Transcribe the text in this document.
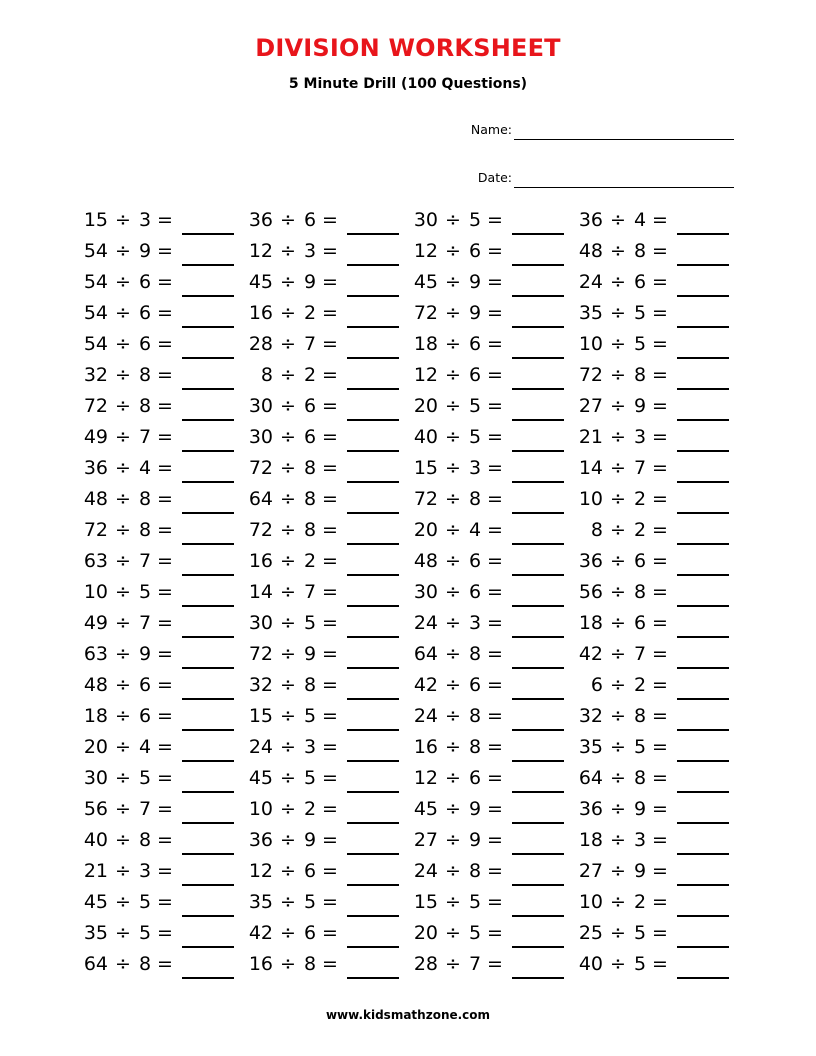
DIVISION WORKSHEET
5 Minute Drill (100 Questions)
Name:
Date:
15 ÷ 3 =	36 ÷ 6 =	30 ÷ 5 =	36 ÷ 4 =
54 ÷ 9 =	12 ÷ 3 =	12 ÷ 6 =	48 ÷ 8 =
54 ÷ 6 =	45 ÷ 9 =	45 ÷ 9 =	24 ÷ 6 =
54 ÷ 6 =	16 ÷ 2 =	72 ÷ 9 =	35 ÷ 5 =
54 ÷ 6 =	28 ÷ 7 =	18 ÷ 6 =	10 ÷ 5 =
32 ÷ 8 =	8 ÷ 2 =	12 ÷ 6 =	72 ÷ 8 =
72 ÷ 8 =	30 ÷ 6 =	20 ÷ 5 =	27 ÷ 9 =
49 ÷ 7 =	30 ÷ 6 =	40 ÷ 5 =	21 ÷ 3 =
36 ÷ 4 =	72 ÷ 8 =	15 ÷ 3 =	14 ÷ 7 =
48 ÷ 8 =	64 ÷ 8 =	72 ÷ 8 =	10 ÷ 2 =
72 ÷ 8 =	72 ÷ 8 =	20 ÷ 4 =	8 ÷ 2 =
63 ÷ 7 =	16 ÷ 2 =	48 ÷ 6 =	36 ÷ 6 =
10 ÷ 5 =	14 ÷ 7 =	30 ÷ 6 =	56 ÷ 8 =
49 ÷ 7 =	30 ÷ 5 =	24 ÷ 3 =	18 ÷ 6 =
63 ÷ 9 =	72 ÷ 9 =	64 ÷ 8 =	42 ÷ 7 =
48 ÷ 6 =	32 ÷ 8 =	42 ÷ 6 =	6 ÷ 2 =
18 ÷ 6 =	15 ÷ 5 =	24 ÷ 8 =	32 ÷ 8 =
20 ÷ 4 =	24 ÷ 3 =	16 ÷ 8 =	35 ÷ 5 =
30 ÷ 5 =	45 ÷ 5 =	12 ÷ 6 =	64 ÷ 8 =
56 ÷ 7 =	10 ÷ 2 =	45 ÷ 9 =	36 ÷ 9 =
40 ÷ 8 =	36 ÷ 9 =	27 ÷ 9 =	18 ÷ 3 =
21 ÷ 3 =	12 ÷ 6 =	24 ÷ 8 =	27 ÷ 9 =
45 ÷ 5 =	35 ÷ 5 =	15 ÷ 5 =	10 ÷ 2 =
35 ÷ 5 =	42 ÷ 6 =	20 ÷ 5 =	25 ÷ 5 =
64 ÷ 8 =	16 ÷ 8 =	28 ÷ 7 =	40 ÷ 5 =
www.kidsmathzone.com
